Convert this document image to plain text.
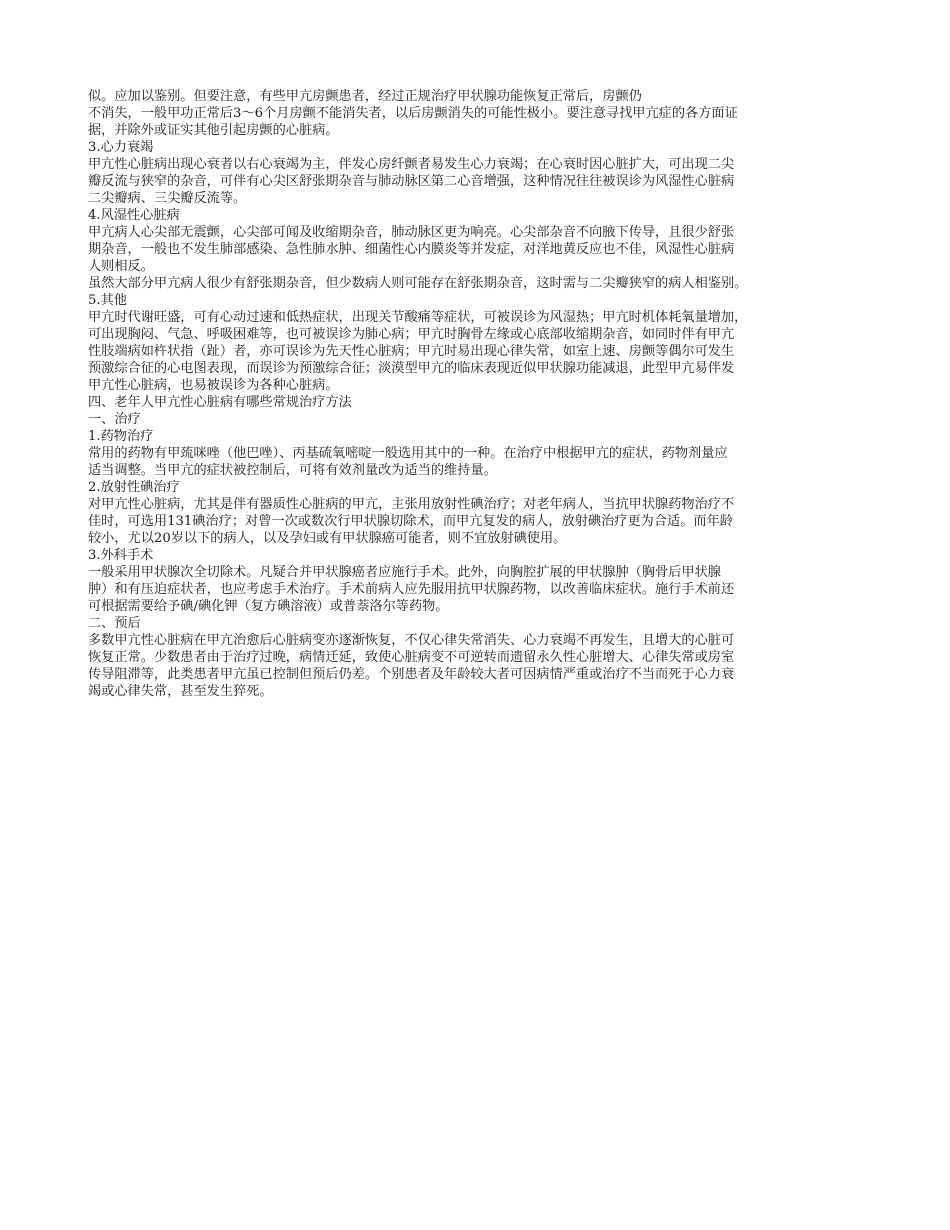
似。应加以鉴别。但要注意，有些甲亢房颤患者，经过正规治疗甲状腺功能恢复正常后，房颤仍
不消失，一般甲功正常后3～6个月房颤不能消失者，以后房颤消失的可能性极小。要注意寻找甲亢症的各方面证
据，并除外或证实其他引起房颤的心脏病。
3.心力衰竭
甲亢性心脏病出现心衰者以右心衰竭为主，伴发心房纤颤者易发生心力衰竭；在心衰时因心脏扩大，可出现二尖
瓣反流与狭窄的杂音，可伴有心尖区舒张期杂音与肺动脉区第二心音增强，这种情况往往被误诊为风湿性心脏病
二尖瓣病、三尖瓣反流等。
4.风湿性心脏病
甲亢病人心尖部无震颤，心尖部可闻及收缩期杂音，肺动脉区更为响亮。心尖部杂音不向腋下传导，且很少舒张
期杂音，一般也不发生肺部感染、急性肺水肿、细菌性心内膜炎等并发症，对洋地黄反应也不佳，风湿性心脏病
人则相反。
虽然大部分甲亢病人很少有舒张期杂音，但少数病人则可能存在舒张期杂音，这时需与二尖瓣狭窄的病人相鉴别。
5.其他
甲亢时代谢旺盛，可有心动过速和低热症状，出现关节酸痛等症状，可被误诊为风湿热；甲亢时机体耗氧量增加，
可出现胸闷、气急、呼吸困难等，也可被误诊为肺心病；甲亢时胸骨左缘或心底部收缩期杂音，如同时伴有甲亢
性肢端病如杵状指（趾）者，亦可误诊为先天性心脏病；甲亢时易出现心律失常，如室上速、房颤等偶尔可发生
预激综合征的心电图表现，而误诊为预激综合征；淡漠型甲亢的临床表现近似甲状腺功能减退，此型甲亢易伴发
甲亢性心脏病，也易被误诊为各种心脏病。
四、老年人甲亢性心脏病有哪些常规治疗方法
一、治疗
1.药物治疗
常用的药物有甲巯咪唑（他巴唑）、丙基硫氧嘧啶一般选用其中的一种。在治疗中根据甲亢的症状，药物剂量应
适当调整。当甲亢的症状被控制后，可将有效剂量改为适当的维持量。
2.放射性碘治疗
对甲亢性心脏病，尤其是伴有器质性心脏病的甲亢，主张用放射性碘治疗；对老年病人，当抗甲状腺药物治疗不
佳时，可选用131碘治疗；对曾一次或数次行甲状腺切除术，而甲亢复发的病人，放射碘治疗更为合适。而年龄
较小，尤以20岁以下的病人，以及孕妇或有甲状腺癌可能者，则不宜放射碘使用。
3.外科手术
一般采用甲状腺次全切除术。凡疑合并甲状腺癌者应施行手术。此外，向胸腔扩展的甲状腺肿（胸骨后甲状腺
肿）和有压迫症状者，也应考虑手术治疗。手术前病人应先服用抗甲状腺药物，以改善临床症状。施行手术前还
可根据需要给予碘/碘化钾（复方碘溶液）或普萘洛尔等药物。
二、预后
多数甲亢性心脏病在甲亢治愈后心脏病变亦逐渐恢复，不仅心律失常消失、心力衰竭不再发生，且增大的心脏可
恢复正常。少数患者由于治疗过晚，病情迁延，致使心脏病变不可逆转而遗留永久性心脏增大、心律失常或房室
传导阻滞等，此类患者甲亢虽已控制但预后仍差。个别患者及年龄较大者可因病情严重或治疗不当而死于心力衰
竭或心律失常，甚至发生猝死。
